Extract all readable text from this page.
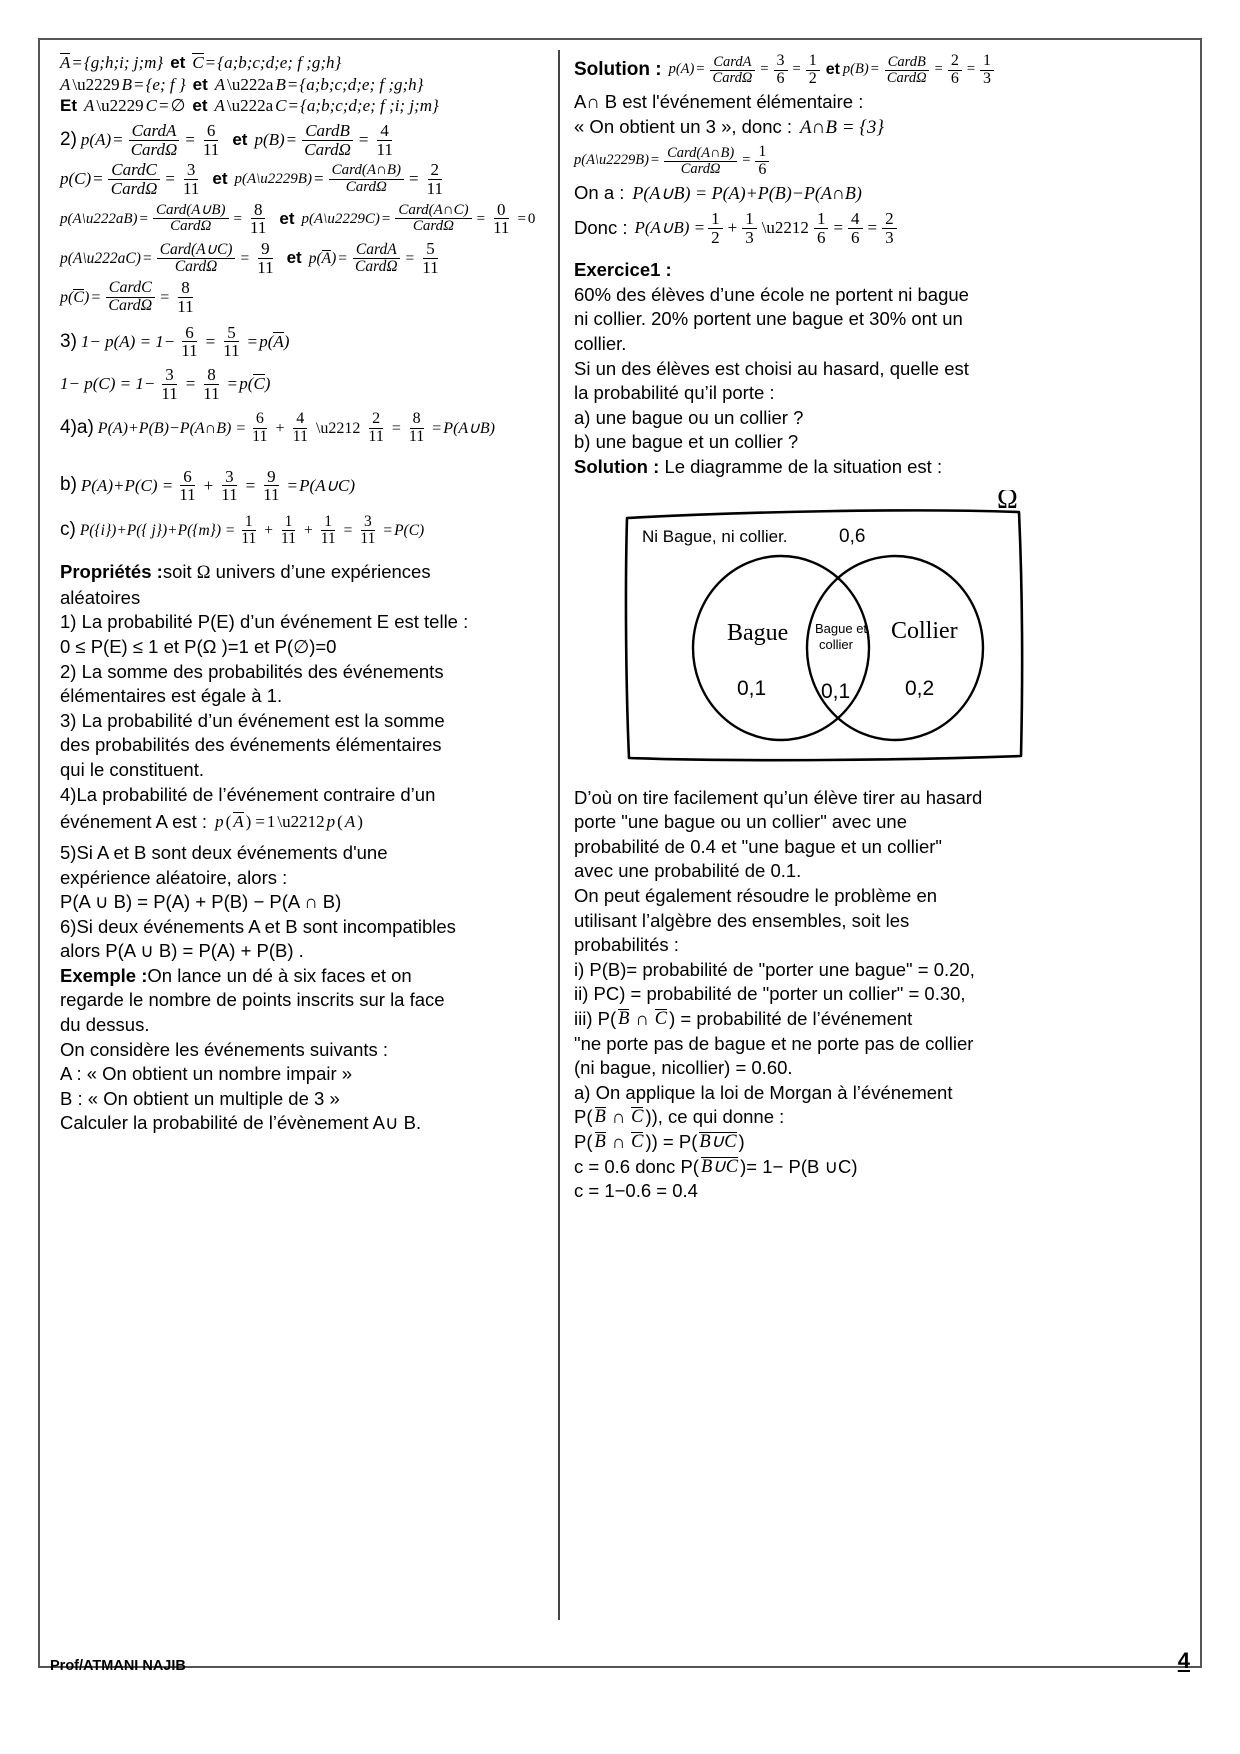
A = {g;h;i; j;m} et C = {a;b;c;d;e; f ;g;h}
A \u2229 B = {e; f } et A \u222a B = {a;b;c;d;e; f ;g;h}
Et A \u2229 C = ∅ et A \u222a C = {a;b;c;d;e; f ;i; j;m}
2) $p(A) = \frac{\text{CardA}}{\text{CardΩ}} = \frac{6}{11}$ et $p(B) = \frac{\text{CardB}}{\text{CardΩ}} = \frac{4}{11}$
$p(C) = \frac{\text{CardC}}{\text{CardΩ}} = \frac{3}{11}$ et p(A\u2229B) = $\frac{\text{Card(A∩B)}}{\text{CardΩ}} = \frac{2}{11}$
p(A\u222aB) = $\frac{\text{Card(A∪B)}}{\text{CardΩ}} = \frac{8}{11}$ et p(A\u2229C) = $\frac{\text{Card(A∩C)}}{\text{CardΩ}} = \frac{0}{11} = 0$
p(A\u222aC) = $\frac{\text{Card(A∪C)}}{\text{CardΩ}} = \frac{9}{11}$ et $p(A) = \frac{\text{CardA}}{\text{CardΩ}} = \frac{5}{11}$
$p(C) = \frac{\text{CardC}}{\text{CardΩ}} = \frac{8}{11}$
3) $1- p(A) = 1- \frac{6}{11} = \frac{5}{11} = p(A)$
$1- p(C) = 1- \frac{3}{11} = \frac{8}{11} = p(C)$
4)a) P(A)+P(B)−P(A∩B) = $\frac{6}{11} + \frac{4}{11}$ \u2212 $\frac{2}{11} = \frac{8}{11}$ = P(A∪B)
b) $P(A)+P(C) = \frac{6}{11} + \frac{3}{11} = \frac{9}{11}$ = P(A∪C)
c) P({i})+P({ $j\})+P(\{m\}) = \frac{1}{11} + \frac{1}{11} + \frac{1}{11} = \frac{3}{11} = P(C)$
Propriétés :soit Ω univers d’une expériences
aléatoires
1) La probabilité P(E) d’un événement E est telle :
0 ≤ P(E) ≤ 1 et P(Ω )=1 et P(∅)=0
2) La somme des probabilités des événements
élémentaires est égale à 1.
3) La probabilité d’un événement est la somme
des probabilités des événements élémentaires
qui le constituent.
4)La probabilité de l’événement contraire d’un
événement A est : p ( A ) = 1 \u2212 p ( A )
5)Si A et B sont deux événements d'une
expérience aléatoire, alors :
P(A ∪ B) = P(A) + P(B) − P(A ∩ B)
6)Si deux événements A et B sont incompatibles
alors P(A ∪ B) = P(A) + P(B) .
Exemple :On lance un dé à six faces et on
regarde le nombre de points inscrits sur la face
du dessus.
On considère les événements suivants :
A : « On obtient un nombre impair »
B : « On obtient un multiple de 3 »
Calculer la probabilité de l’évènement A∪ B.
Solution : $p(A) = \frac{\text{CardA}}{\text{CardΩ}} = \frac{3}{6} = \frac{1}{2}$ et $p(B) = \frac{\text{CardB}}{\text{CardΩ}} = \frac{2}{6} = \frac{1}{3}$
A∩ B est l'événement élémentaire :
« On obtient un 3 », donc : A∩B = {3}
p(A\u2229B) = $\frac{\text{Card(A∩B)}}{\text{CardΩ}} = \frac{1}{6}$
On a : P(A∪B) = P(A)+P(B)−P(A∩B)
Donc : P(A∪B) = $\frac{1}{2} + \frac{1}{3}$ \u2212 $\frac{1}{6} = \frac{4}{6} = \frac{2}{3}$
Exercice1 :
60% des élèves d’une école ne portent ni bague
ni collier. 20% portent une bague et 30% ont un
collier.
Si un des élèves est choisi au hasard, quelle est
la probabilité qu’il porte :
a) une bague ou un collier ?
b) une bague et un collier ?
Solution : Le diagramme de la situation est :
Ni Bague, ni collier.	0,6
Bague
0,1
Bague et
collier
0,1
Collier
0,2
Ω
D’où on tire facilement qu’un élève tirer au hasard
porte "une bague ou un collier" avec une
probabilité de 0.4 et "une bague et un collier"
avec une probabilité de 0.1.
On peut également résoudre le problème en
utilisant l’algèbre des ensembles, soit les
probabilités :
i) P(B)= probabilité de "porter une bague" = 0.20,
ii) PC) = probabilité de "porter un collier" = 0.30,
iii) P( B ∩ C ) = probabilité de l’événement
"ne porte pas de bague et ne porte pas de collier
(ni bague, nicollier) = 0.60.
a) On applique la loi de Morgan à l’événement
P( B ∩ C )), ce qui donne :
P( B ∩ C )) = P( B∪C )
c = 0.6 donc P( B∪C )= 1− P(B ∪C)
c = 1−0.6 = 0.4
Prof/ATMANI NAJIB	4
